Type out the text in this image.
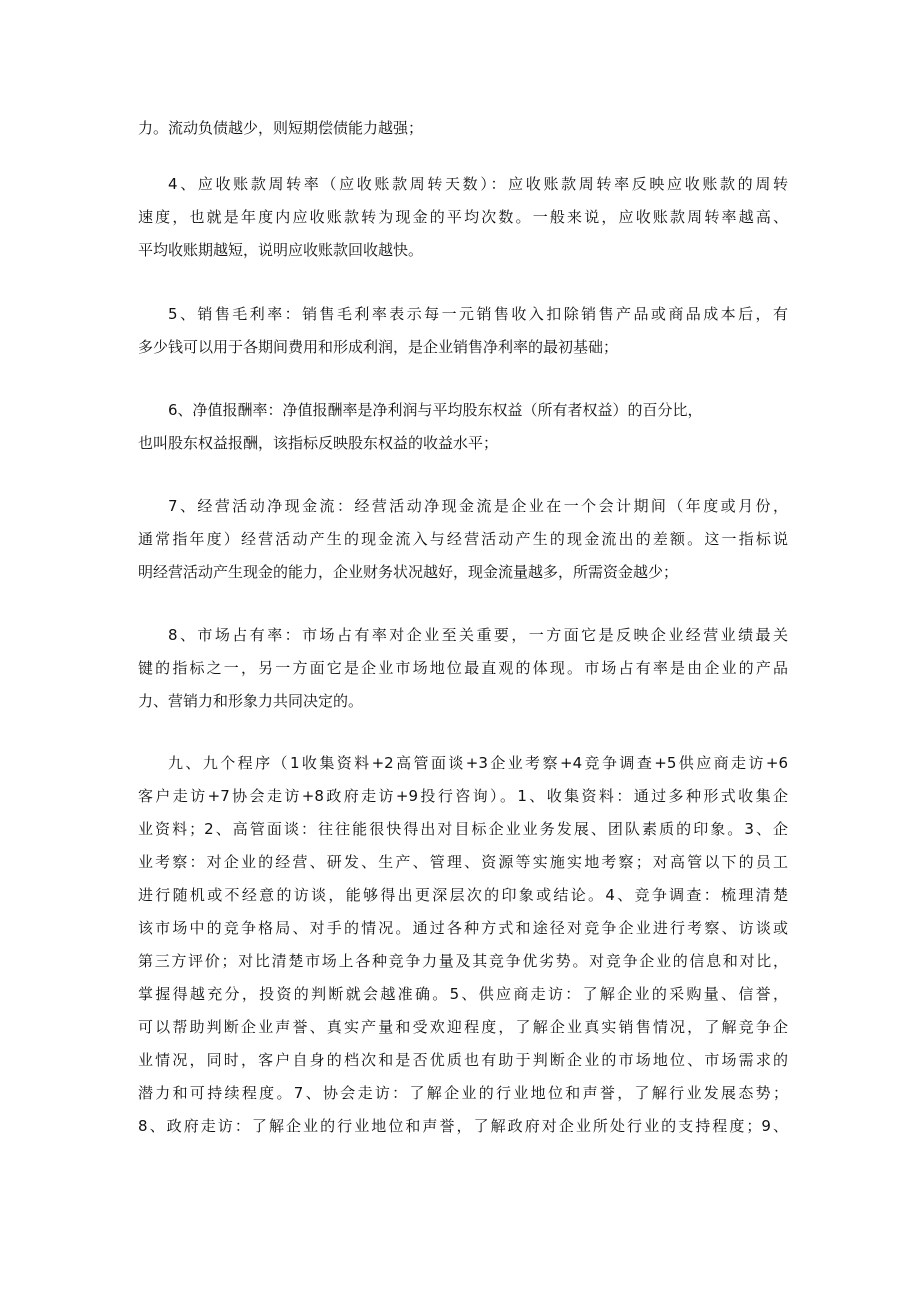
力。流动负债越少，则短期偿债能力越强；
4、应收账款周转率（应收账款周转天数）：应收账款周转率反映应收账款的周转
速度，也就是年度内应收账款转为现金的平均次数。一般来说，应收账款周转率越高、
平均收账期越短，说明应收账款回收越快。
5、销售毛利率：销售毛利率表示每一元销售收入扣除销售产品或商品成本后，有
多少钱可以用于各期间费用和形成利润，是企业销售净利率的最初基础；
6、净值报酬率：净值报酬率是净利润与平均股东权益（所有者权益）的百分比，
也叫股东权益报酬，该指标反映股东权益的收益水平；
7、经营活动净现金流：经营活动净现金流是企业在一个会计期间（年度或月份，
通常指年度）经营活动产生的现金流入与经营活动产生的现金流出的差额。这一指标说
明经营活动产生现金的能力，企业财务状况越好，现金流量越多，所需资金越少；
8、市场占有率：市场占有率对企业至关重要，一方面它是反映企业经营业绩最关
键的指标之一，另一方面它是企业市场地位最直观的体现。市场占有率是由企业的产品
力、营销力和形象力共同决定的。
九、九个程序（1收集资料+2高管面谈+3企业考察+4竞争调查+5供应商走访+6
客户走访+7协会走访+8政府走访+9投行咨询）。1、收集资料：通过多种形式收集企
业资料；2、高管面谈：往往能很快得出对目标企业业务发展、团队素质的印象。3、企
业考察：对企业的经营、研发、生产、管理、资源等实施实地考察；对高管以下的员工
进行随机或不经意的访谈，能够得出更深层次的印象或结论。4、竞争调查：梳理清楚
该市场中的竞争格局、对手的情况。通过各种方式和途径对竞争企业进行考察、访谈或
第三方评价；对比清楚市场上各种竞争力量及其竞争优劣势。对竞争企业的信息和对比，
掌握得越充分，投资的判断就会越准确。5、供应商走访：了解企业的采购量、信誉，
可以帮助判断企业声誉、真实产量和受欢迎程度，了解企业真实销售情况，了解竞争企
业情况，同时，客户自身的档次和是否优质也有助于判断企业的市场地位、市场需求的
潜力和可持续程度。7、协会走访：了解企业的行业地位和声誉，了解行业发展态势；
8、政府走访：了解企业的行业地位和声誉，了解政府对企业所处行业的支持程度；9、
